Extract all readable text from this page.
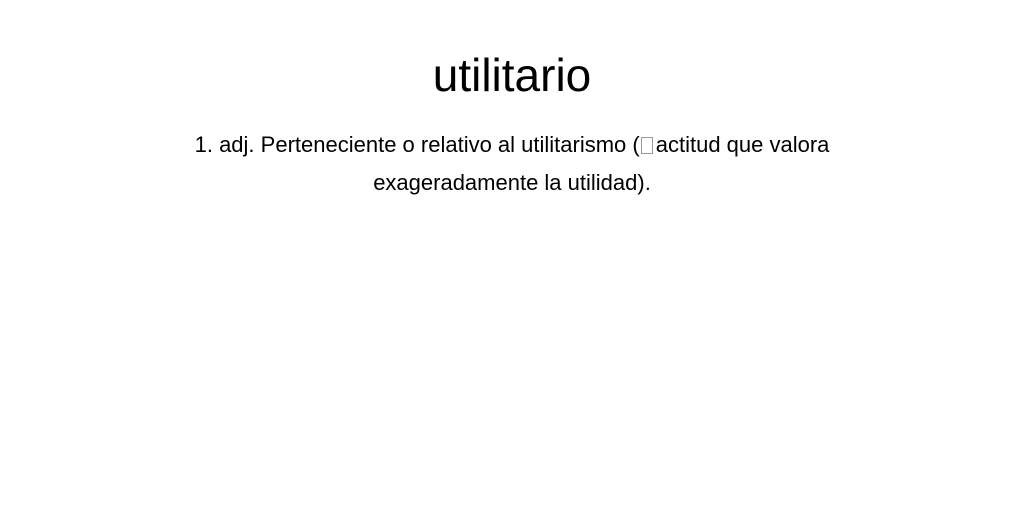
utilitario

1. adj. Perteneciente o relativo al utilitarismo ( actitud que valora exageradamente la utilidad).
